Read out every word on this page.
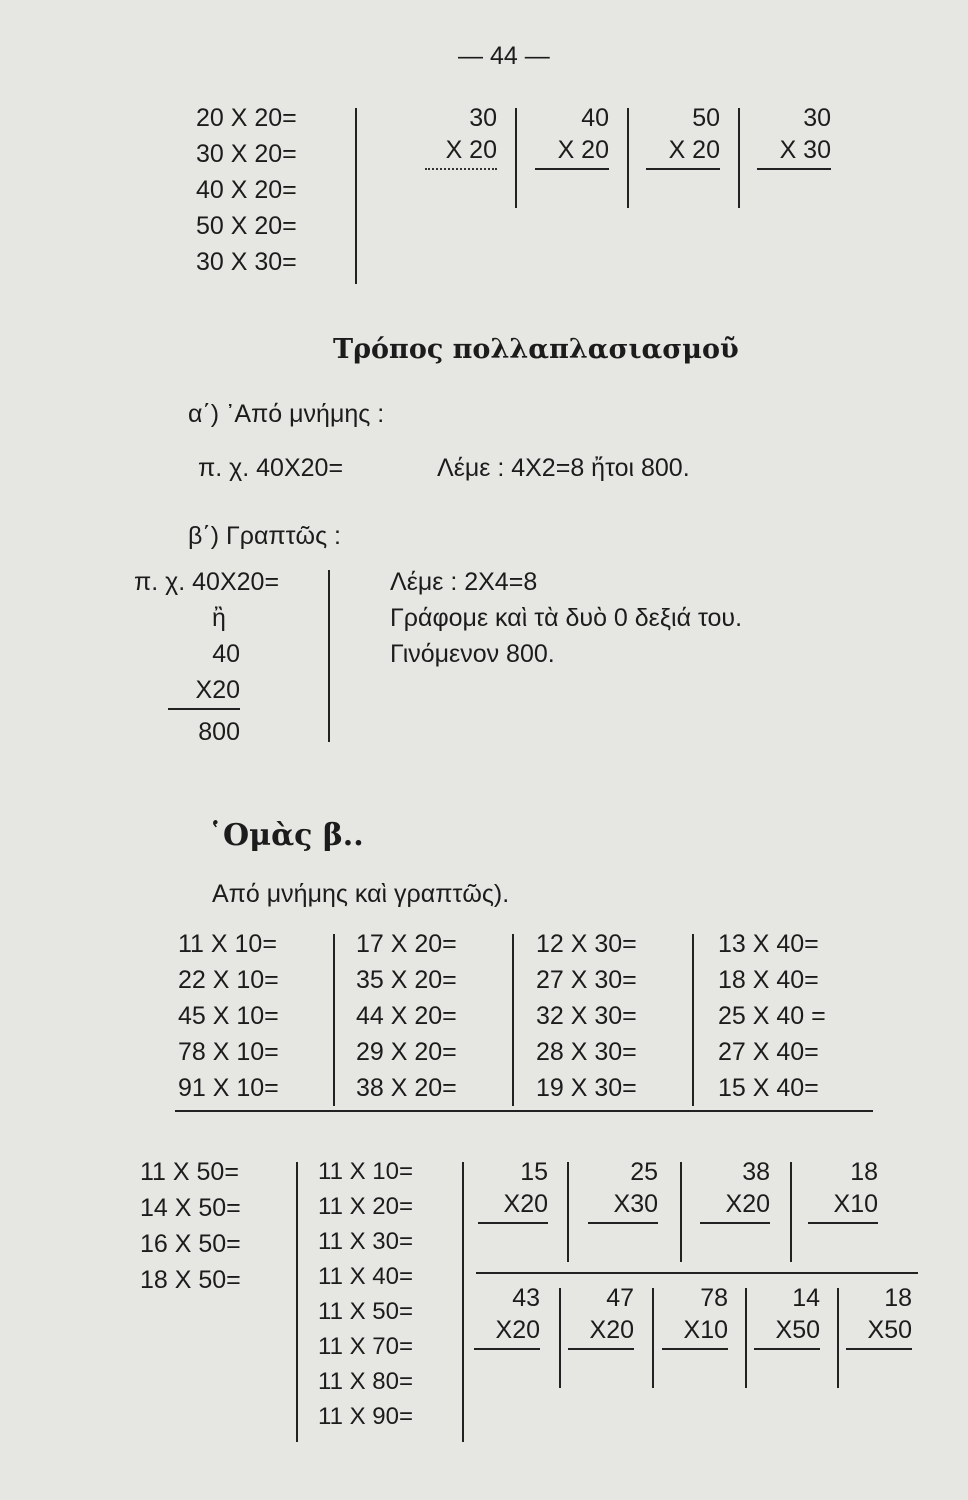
— 44 —
20 X 20=
30 X 20=
40 X 20=
50 X 20=
30 X 30=
30
X 20
40
X 20
50
X 20
30
X 30
Τρόπος πολλαπλασιασμοῦ
α΄) ᾿Από μνήμης :
π. χ. 40X20=	Λέμε : 4X2=8 ἤτοι 800.
β΄) Γραπτῶς :
π. χ. 40X20=
ἢ
40
X20
800
Λέμε : 2X4=8
Γράφομε καὶ τὰ δυὸ 0 δεξιά του.
Γινόμενον 800.
῾Ομὰς β..
Από μνήμης καὶ γραπτῶς).
11 X 10=
22 X 10=
45 X 10=
78 X 10=
91 X 10=
17 X 20=
35 X 20=
44 X 20=
29 X 20=
38 X 20=
12 X 30=
27 X 30=
32 X 30=
28 X 30=
19 X 30=
13 X 40=
18 X 40=
25 X 40 =
27 X 40=
15 X 40=
11 X 50=
14 X 50=
16 X 50=
18 X 50=
11 X 10=
11 X 20=
11 X 30=
11 X 40=
11 X 50=
11 X 70=
11 X 80=
11 X 90=
15
X20
25
X30
38
X20
18
X10
43
X20
47
X20
78
X10
14
X50
18
X50
